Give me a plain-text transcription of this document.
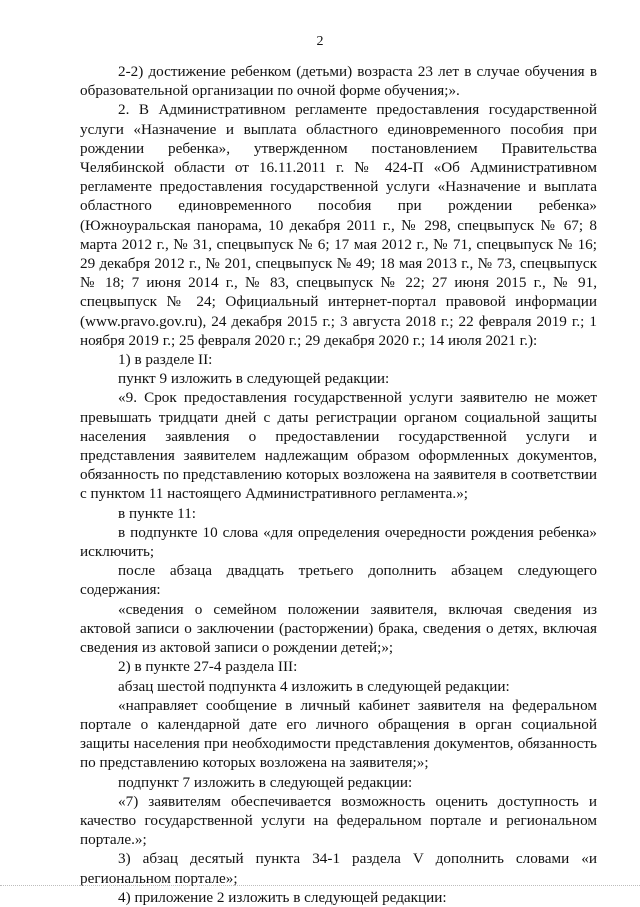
2

2-2) достижение ребенком (детьми) возраста 23 лет в случае обучения в образовательной организации по очной форме обучения;».

2. В Административном регламенте предоставления государственной услуги «Назначение и выплата областного единовременного пособия при рождении ребенка», утвержденном постановлением Правительства Челябинской области от 16.11.2011 г. № 424-П «Об Административном регламенте предоставления государственной услуги «Назначение и выплата областного единовременного пособия при рождении ребенка» (Южноуральская панорама, 10 декабря 2011 г., № 298, спецвыпуск № 67; 8 марта 2012 г., № 31, спецвыпуск № 6; 17 мая 2012 г., № 71, спецвыпуск № 16; 29 декабря 2012 г., № 201, спецвыпуск № 49; 18 мая 2013 г., № 73, спецвыпуск № 18; 7 июня 2014 г., № 83, спецвыпуск № 22; 27 июня 2015 г., № 91, спецвыпуск № 24; Официальный интернет-портал правовой информации (www.pravo.gov.ru), 24 декабря 2015 г.; 3 августа 2018 г.; 22 февраля 2019 г.; 1 ноября 2019 г.; 25 февраля 2020 г.; 29 декабря 2020 г.; 14 июля 2021 г.):

1) в разделе II:

пункт 9 изложить в следующей редакции:

«9. Срок предоставления государственной услуги заявителю не может превышать тридцати дней с даты регистрации органом социальной защиты населения заявления о предоставлении государственной услуги и представления заявителем надлежащим образом оформленных документов, обязанность по представлению которых возложена на заявителя в соответствии с пунктом 11 настоящего Административного регламента.»;

в пункте 11:

в подпункте 10 слова «для определения очередности рождения ребенка» исключить;

после абзаца двадцать третьего дополнить абзацем следующего содержания:

«сведения о семейном положении заявителя, включая сведения из актовой записи о заключении (расторжении) брака, сведения о детях, включая сведения из актовой записи о рождении детей;»;

2) в пункте 27-4 раздела III:

абзац шестой подпункта 4 изложить в следующей редакции:

«направляет сообщение в личный кабинет заявителя на федеральном портале о календарной дате его личного обращения в орган социальной защиты населения при необходимости представления документов, обязанность по представлению которых возложена на заявителя;»;

подпункт 7 изложить в следующей редакции:

«7) заявителям обеспечивается возможность оценить доступность и качество государственной услуги на федеральном портале и региональном портале.»;

3) абзац десятый пункта 34-1 раздела V дополнить словами «и региональном портале»;

4) приложение 2 изложить в следующей редакции:
